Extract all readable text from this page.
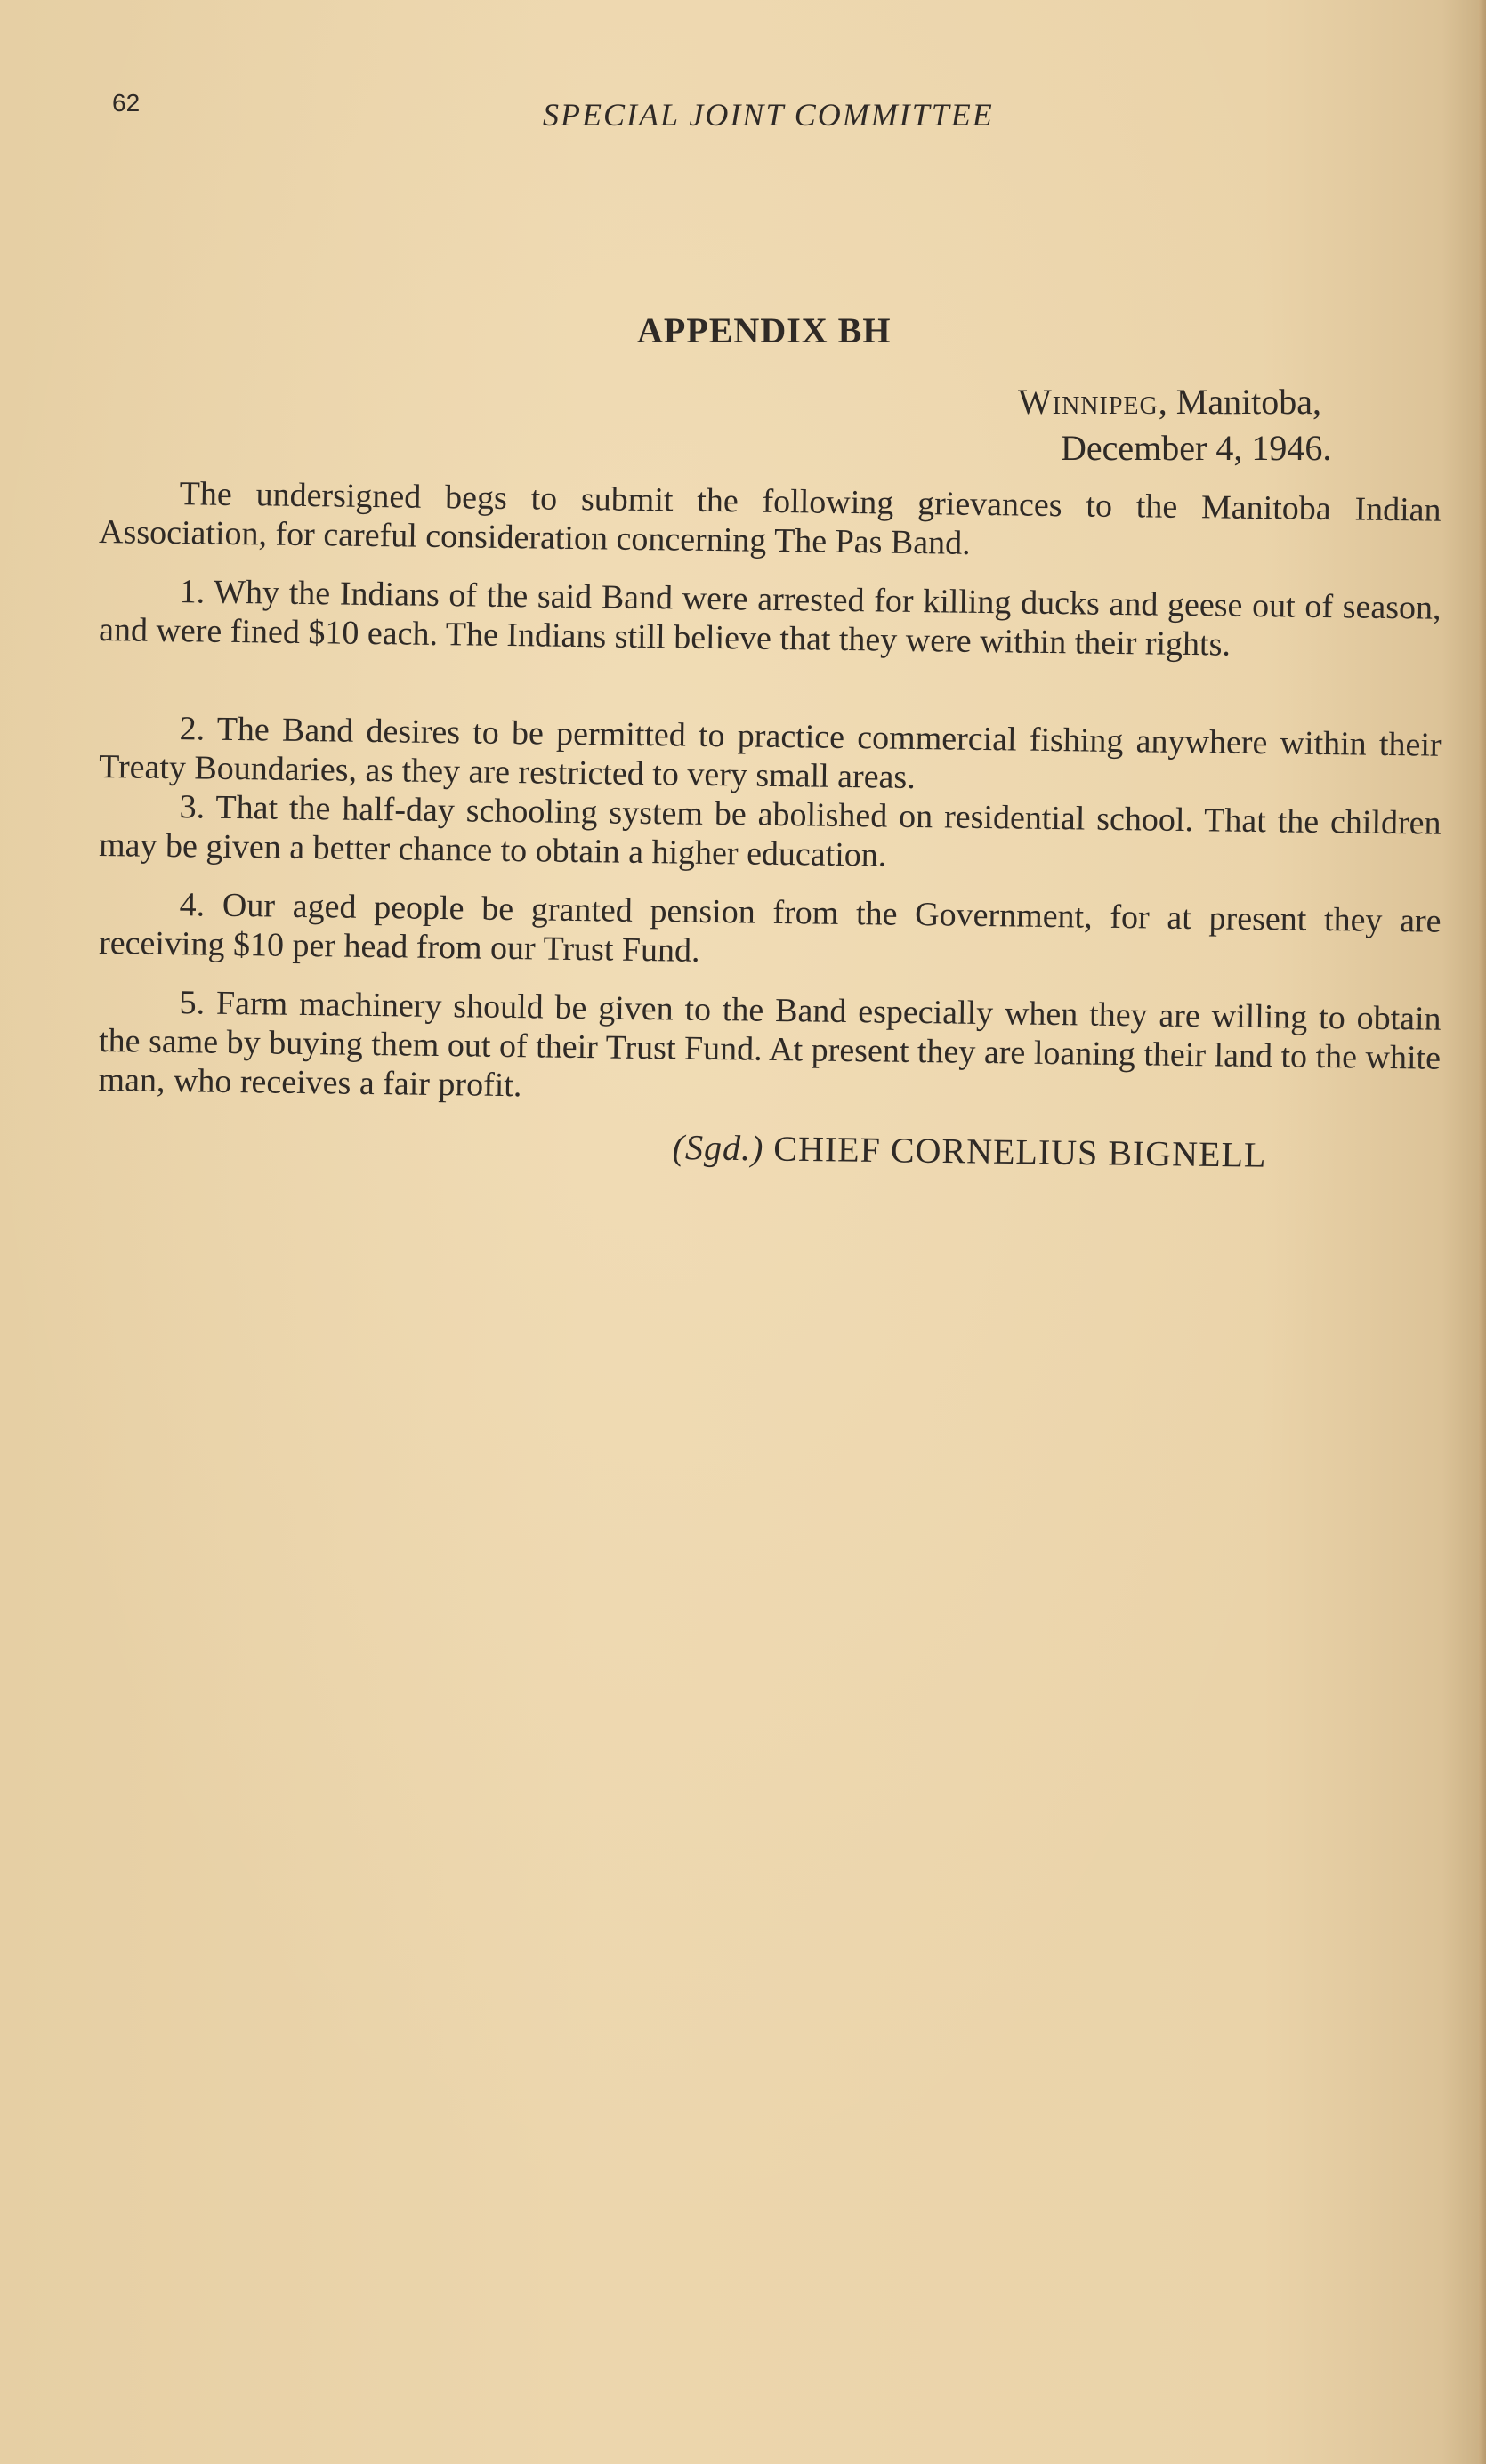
62	SPECIAL JOINT COMMITTEE
APPENDIX BH
Winnipeg, Manitoba,
December 4, 1946.
The undersigned begs to submit the following grievances to the Manitoba Indian Association, for careful consideration concerning The Pas Band.
1. Why the Indians of the said Band were arrested for killing ducks and geese out of season, and were fined $10 each. The Indians still believe that they were within their rights.
2. The Band desires to be permitted to practice commercial fishing anywhere within their Treaty Boundaries, as they are restricted to very small areas.
3. That the half-day schooling system be abolished on residential school. That the children may be given a better chance to obtain a higher education.
4. Our aged people be granted pension from the Government, for at present they are receiving $10 per head from our Trust Fund.
5. Farm machinery should be given to the Band especially when they are willing to obtain the same by buying them out of their Trust Fund. At present they are loaning their land to the white man, who receives a fair profit.
(Sgd.) CHIEF CORNELIUS BIGNELL
